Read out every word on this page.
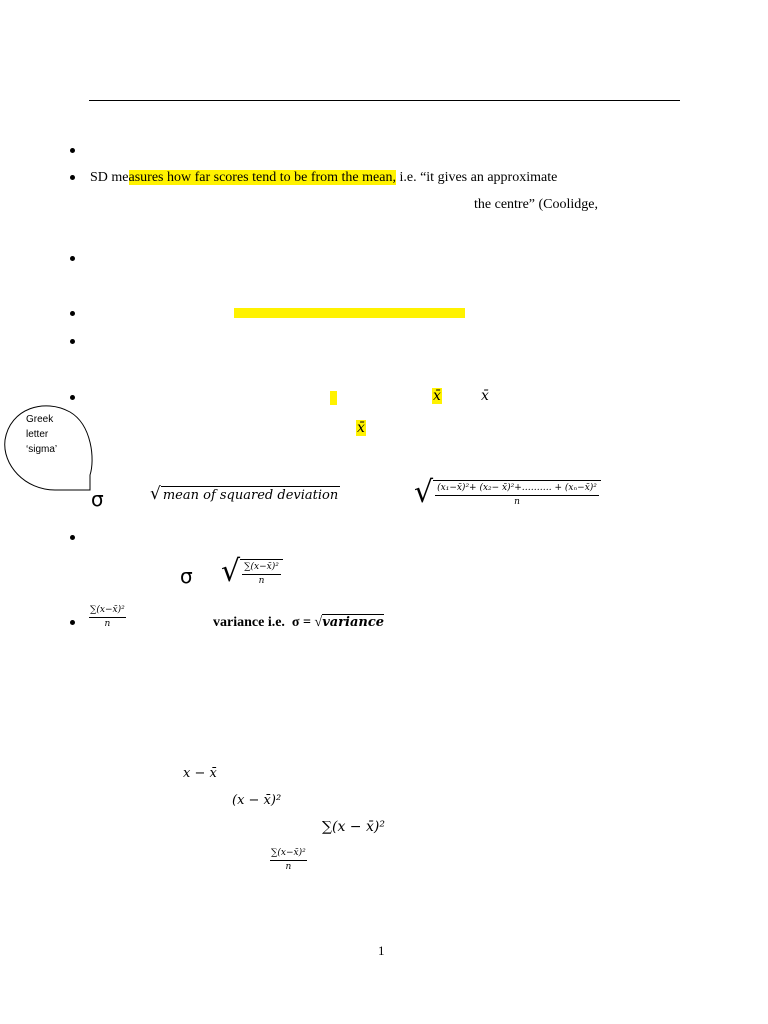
SD measures how far scores tend to be from the mean, i.e. “it gives an approximate
the centre” (Coolidge,
x̄	x̄
x̄
Greek
letter
‘sigma’
σ	√ mean of squared deviation	√ $\frac{\text{(x₁−x̄)²+ (x₂− x̄)²+………. + (xₙ−x̄)²}}{n}$
σ √ $\frac{\text{∑(x−x̄)²}}{n}$
$\frac{\text{∑(x−x̄)²}}{n}$	variance i.e. σ = √variance
x − x̄
(x − x̄)²
∑(x − x̄)²
$\frac{\text{∑(x−x̄)²}}{n}$
1
